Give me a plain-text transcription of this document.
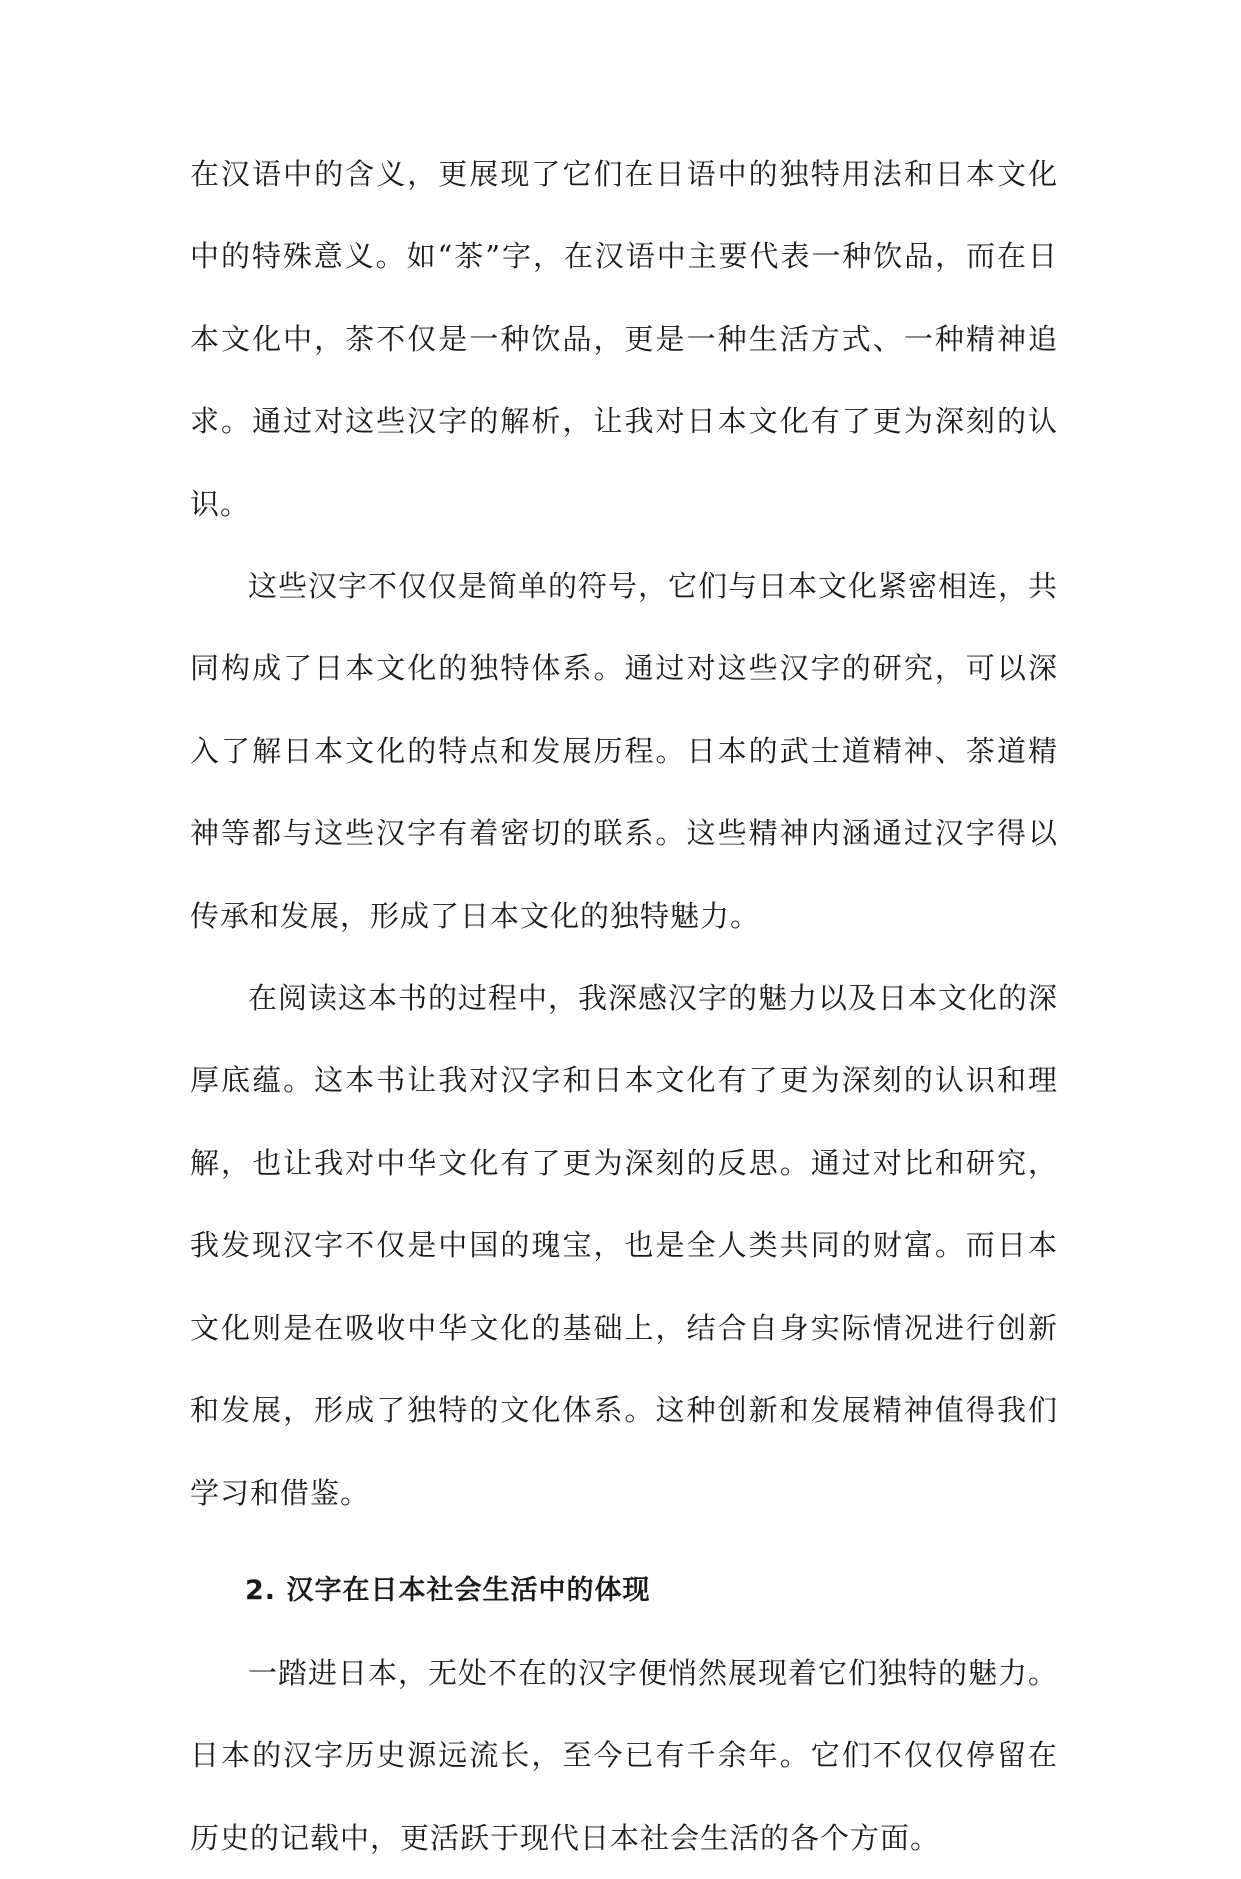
在汉语中的含义，更展现了它们在日语中的独特用法和日本文化中的特殊意义。如“茶”字，在汉语中主要代表一种饮品，而在日本文化中，茶不仅是一种饮品，更是一种生活方式、一种精神追求。通过对这些汉字的解析，让我对日本文化有了更为深刻的认识。

这些汉字不仅仅是简单的符号，它们与日本文化紧密相连，共同构成了日本文化的独特体系。通过对这些汉字的研究，可以深入了解日本文化的特点和发展历程。日本的武士道精神、茶道精神等都与这些汉字有着密切的联系。这些精神内涵通过汉字得以传承和发展，形成了日本文化的独特魅力。

在阅读这本书的过程中，我深感汉字的魅力以及日本文化的深厚底蕴。这本书让我对汉字和日本文化有了更为深刻的认识和理解，也让我对中华文化有了更为深刻的反思。通过对比和研究，我发现汉字不仅是中国的瑰宝，也是全人类共同的财富。而日本文化则是在吸收中华文化的基础上，结合自身实际情况进行创新和发展，形成了独特的文化体系。这种创新和发展精神值得我们学习和借鉴。

2. 汉字在日本社会生活中的体现

一踏进日本，无处不在的汉字便悄然展现着它们独特的魅力。日本的汉字历史源远流长，至今已有千余年。它们不仅仅停留在历史的记载中，更活跃于现代日本社会生活的各个方面。
